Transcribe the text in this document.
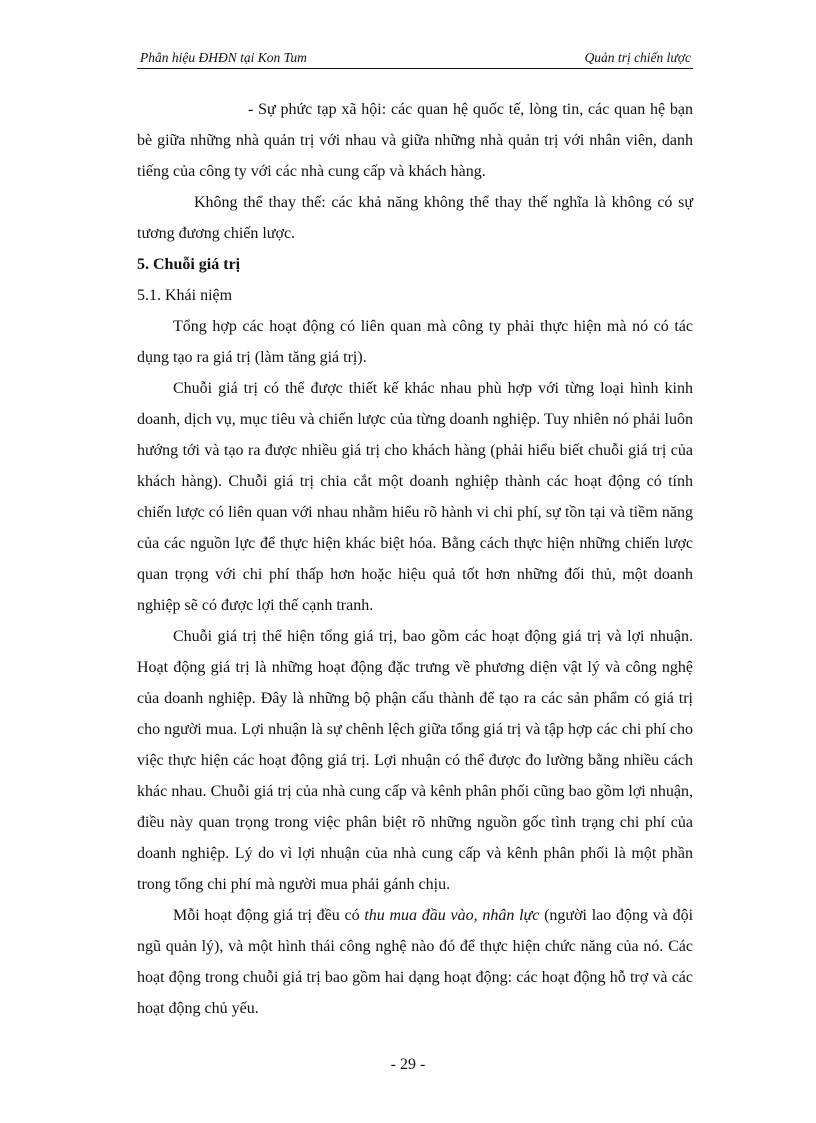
Phân hiệu ĐHĐN tại Kon Tum	Quản trị chiến lược

- Sự phức tạp xã hội: các quan hệ quốc tế, lòng tin, các quan hệ bạn bè giữa những nhà quản trị với nhau và giữa những nhà quản trị với nhân viên, danh tiếng của công ty với các nhà cung cấp và khách hàng.

Không thể thay thế: các khả năng không thể thay thế nghĩa là không có sự tương đương chiến lược.

5. Chuỗi giá trị

5.1. Khái niệm

Tổng hợp các hoạt động có liên quan mà công ty phải thực hiện mà nó có tác dụng tạo ra giá trị (làm tăng giá trị).

Chuỗi giá trị có thể được thiết kế khác nhau phù hợp với từng loại hình kinh doanh, dịch vụ, mục tiêu và chiến lược của từng doanh nghiệp. Tuy nhiên nó phải luôn hướng tới và tạo ra được nhiều giá trị cho khách hàng (phải hiểu biết chuỗi giá trị của khách hàng). Chuỗi giá trị chia cắt một doanh nghiệp thành các hoạt động có tính chiến lược có liên quan với nhau nhằm hiểu rõ hành vi chi phí, sự tồn tại và tiềm năng của các nguồn lực để thực hiện khác biệt hóa. Bằng cách thực hiện những chiến lược quan trọng với chi phí thấp hơn hoặc hiệu quả tốt hơn những đối thủ, một doanh nghiệp sẽ có được lợi thế cạnh tranh.

Chuỗi giá trị thể hiện tổng giá trị, bao gồm các hoạt động giá trị và lợi nhuận. Hoạt động giá trị là những hoạt động đặc trưng về phương diện vật lý và công nghệ của doanh nghiệp. Đây là những bộ phận cấu thành để tạo ra các sản phẩm có giá trị cho người mua. Lợi nhuận là sự chênh lệch giữa tổng giá trị và tập hợp các chi phí cho việc thực hiện các hoạt động giá trị. Lợi nhuận có thể được đo lường bằng nhiều cách khác nhau. Chuỗi giá trị của nhà cung cấp và kênh phân phối cũng bao gồm lợi nhuận, điều này quan trọng trong việc phân biệt rõ những nguồn gốc tình trạng chi phí của doanh nghiệp. Lý do vì lợi nhuận của nhà cung cấp và kênh phân phối là một phần trong tổng chi phí mà người mua phải gánh chịu.

Mỗi hoạt động giá trị đều có thu mua đầu vào, nhân lực (người lao động và đội ngũ quản lý), và một hình thái công nghệ nào đó để thực hiện chức năng của nó. Các hoạt động trong chuỗi giá trị bao gồm hai dạng hoạt động: các hoạt động hỗ trợ và các hoạt động chủ yếu.

- 29 -
